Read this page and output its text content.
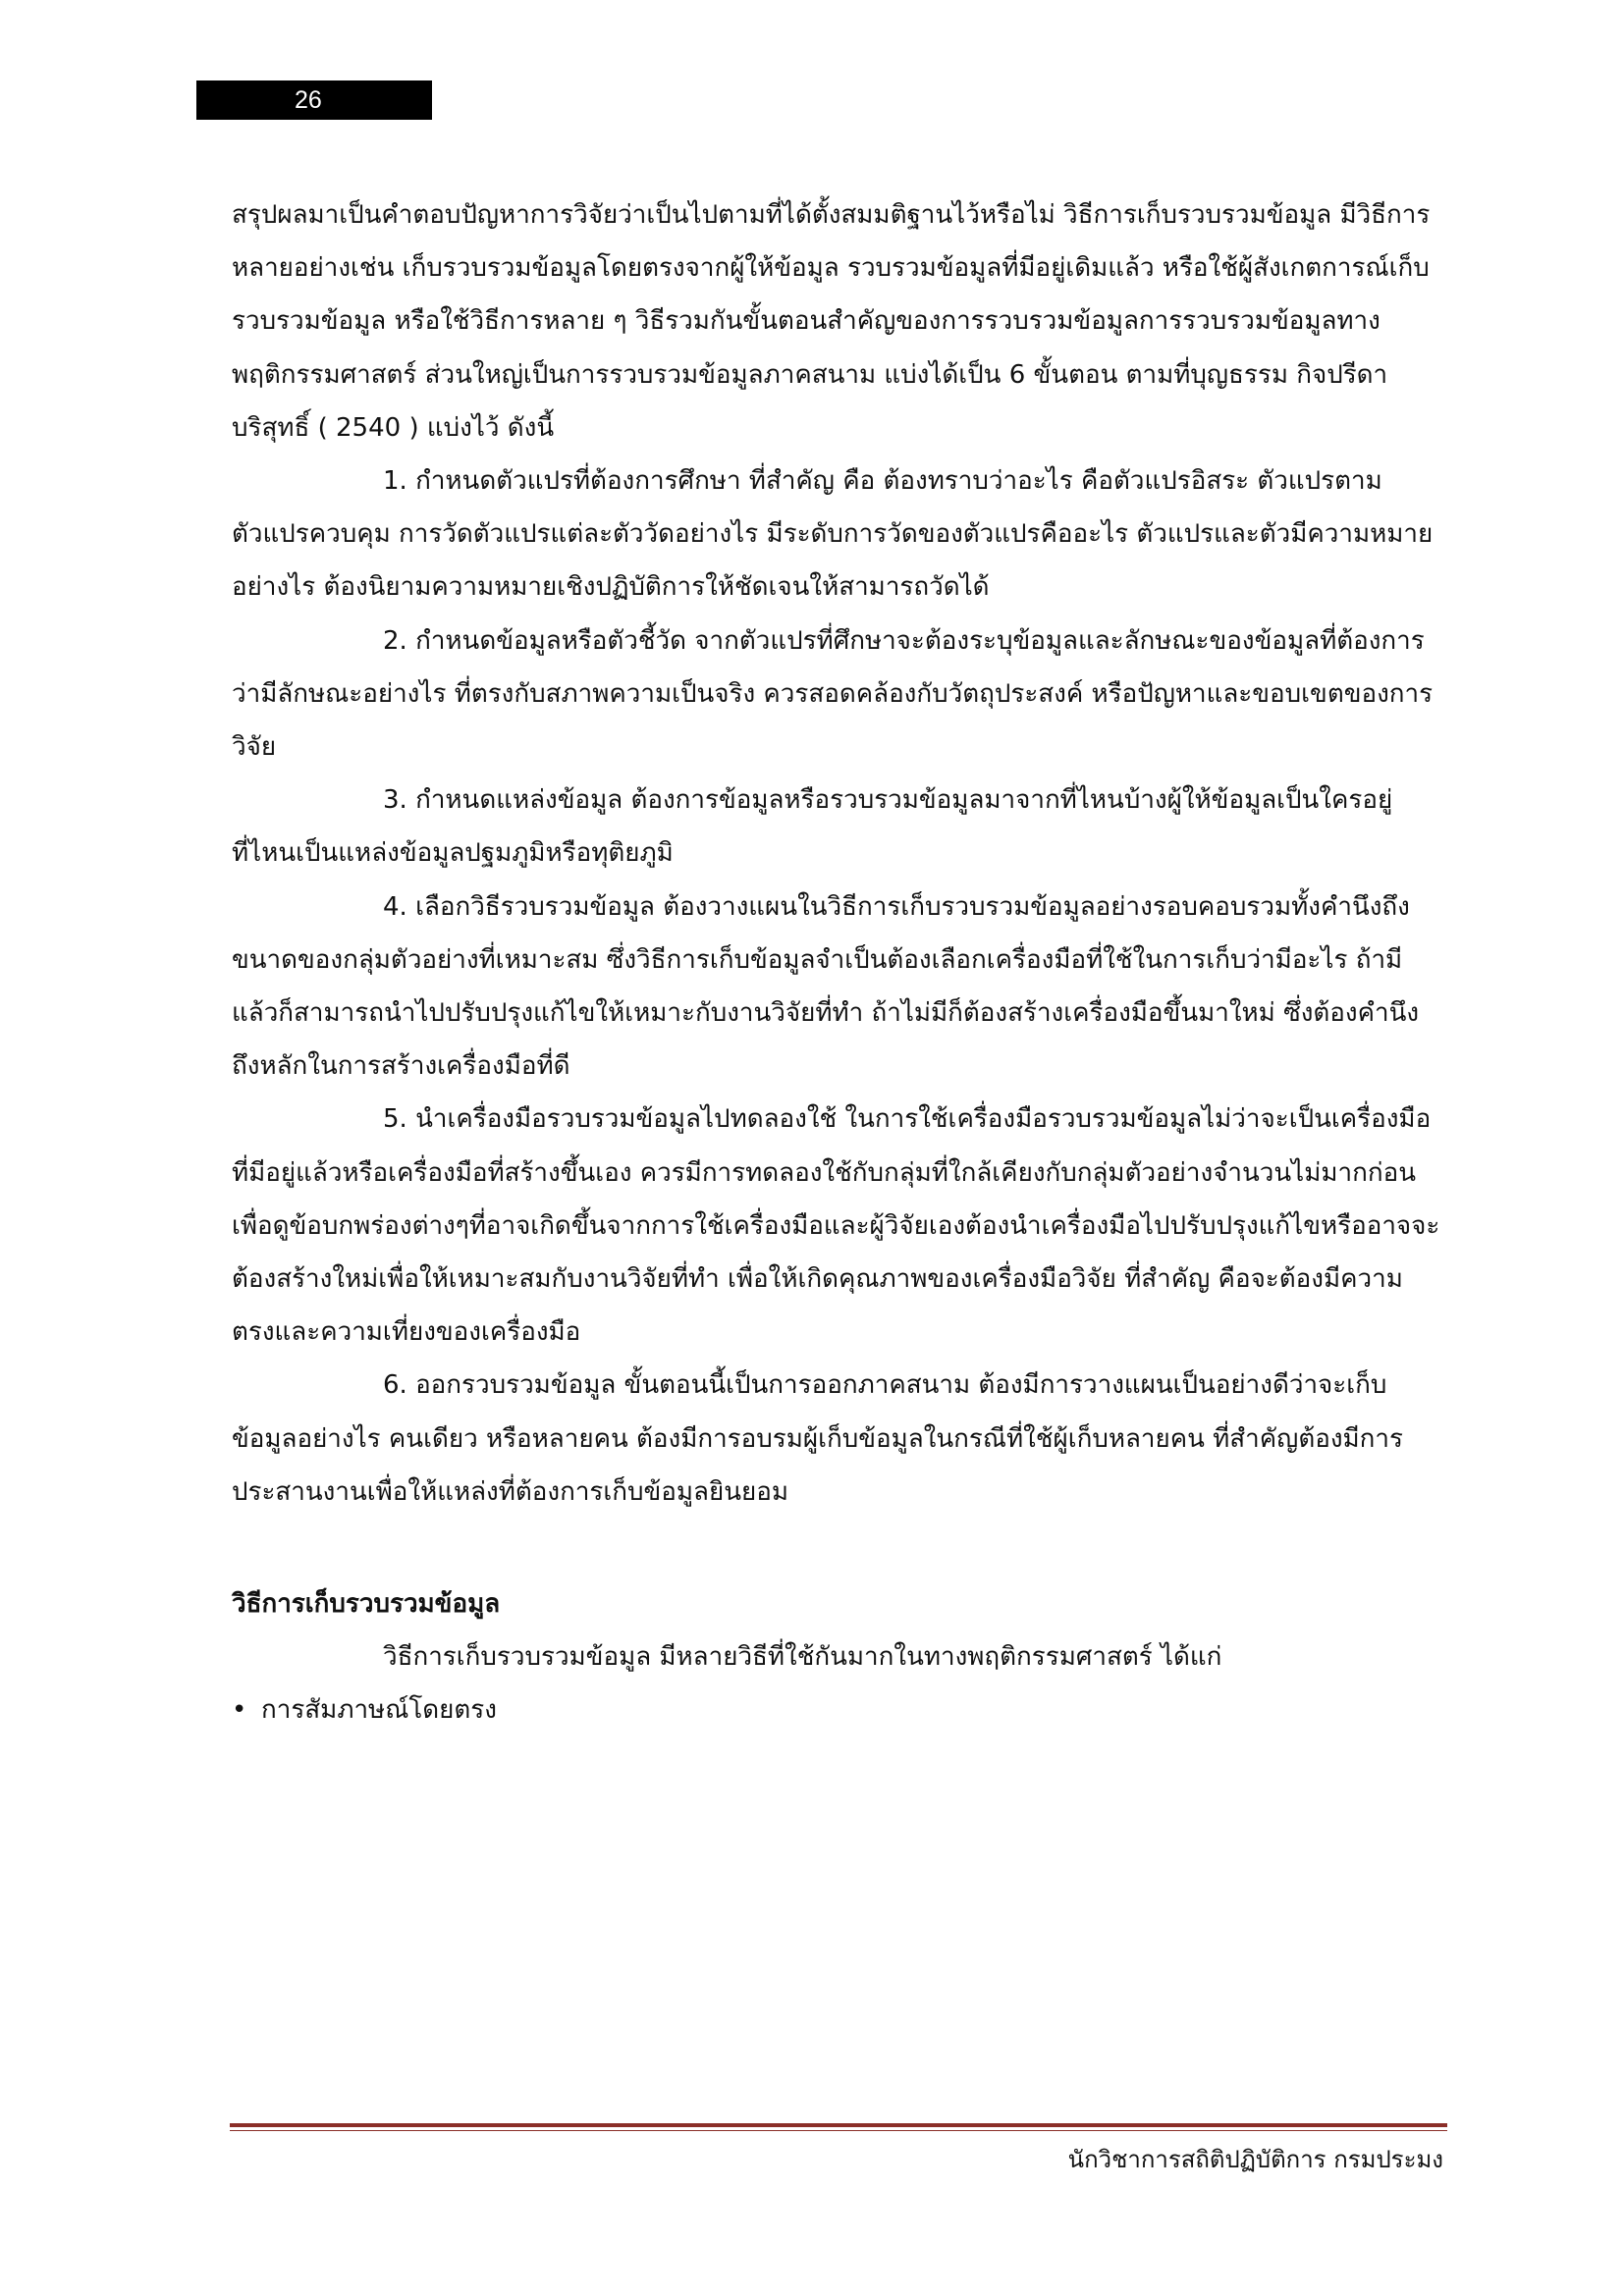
26

สรุปผลมาเป็นคำตอบปัญหาการวิจัยว่าเป็นไปตามที่ได้ตั้งสมมติฐานไว้หรือไม่ วิธีการเก็บรวบรวมข้อมูล มีวิธีการหลายอย่างเช่น เก็บรวบรวมข้อมูลโดยตรงจากผู้ให้ข้อมูล รวบรวมข้อมูลที่มีอยู่เดิมแล้ว หรือใช้ผู้สังเกตการณ์เก็บรวบรวมข้อมูล หรือใช้วิธีการหลาย ๆ วิธีรวมกันขั้นตอนสำคัญของการรวบรวมข้อมูลการรวบรวมข้อมูลทางพฤติกรรมศาสตร์ ส่วนใหญ่เป็นการรวบรวมข้อมูลภาคสนาม แบ่งได้เป็น 6 ขั้นตอน ตามที่บุญธรรม กิจปรีดาบริสุทธิ์ ( 2540 ) แบ่งไว้ ดังนี้

1. กำหนดตัวแปรที่ต้องการศึกษา ที่สำคัญ คือ ต้องทราบว่าอะไร คือตัวแปรอิสระ ตัวแปรตาม ตัวแปรควบคุม การวัดตัวแปรแต่ละตัววัดอย่างไร มีระดับการวัดของตัวแปรคืออะไร ตัวแปรและตัวมีความหมายอย่างไร ต้องนิยามความหมายเชิงปฏิบัติการให้ชัดเจนให้สามารถวัดได้

2. กำหนดข้อมูลหรือตัวชี้วัด จากตัวแปรที่ศึกษาจะต้องระบุข้อมูลและลักษณะของข้อมูลที่ต้องการว่ามีลักษณะอย่างไร ที่ตรงกับสภาพความเป็นจริง ควรสอดคล้องกับวัตถุประสงค์ หรือปัญหาและขอบเขตของการวิจัย

3. กำหนดแหล่งข้อมูล ต้องการข้อมูลหรือรวบรวมข้อมูลมาจากที่ไหนบ้างผู้ให้ข้อมูลเป็นใครอยู่ที่ไหนเป็นแหล่งข้อมูลปฐมภูมิหรือทุติยภูมิ

4. เลือกวิธีรวบรวมข้อมูล ต้องวางแผนในวิธีการเก็บรวบรวมข้อมูลอย่างรอบคอบรวมทั้งคำนึงถึงขนาดของกลุ่มตัวอย่างที่เหมาะสม ซึ่งวิธีการเก็บข้อมูลจำเป็นต้องเลือกเครื่องมือที่ใช้ในการเก็บว่ามีอะไร ถ้ามีแล้วก็สามารถนำไปปรับปรุงแก้ไขให้เหมาะกับงานวิจัยที่ทำ ถ้าไม่มีก็ต้องสร้างเครื่องมือขึ้นมาใหม่ ซึ่งต้องคำนึงถึงหลักในการสร้างเครื่องมือที่ดี

5. นำเครื่องมือรวบรวมข้อมูลไปทดลองใช้ ในการใช้เครื่องมือรวบรวมข้อมูลไม่ว่าจะเป็นเครื่องมือที่มีอยู่แล้วหรือเครื่องมือที่สร้างขึ้นเอง ควรมีการทดลองใช้กับกลุ่มที่ใกล้เคียงกับกลุ่มตัวอย่างจำนวนไม่มากก่อนเพื่อดูข้อบกพร่องต่างๆที่อาจเกิดขึ้นจากการใช้เครื่องมือและผู้วิจัยเองต้องนำเครื่องมือไปปรับปรุงแก้ไขหรืออาจจะต้องสร้างใหม่เพื่อให้เหมาะสมกับงานวิจัยที่ทำ เพื่อให้เกิดคุณภาพของเครื่องมือวิจัย ที่สำคัญ คือจะต้องมีความตรงและความเที่ยงของเครื่องมือ

6. ออกรวบรวมข้อมูล ขั้นตอนนี้เป็นการออกภาคสนาม ต้องมีการวางแผนเป็นอย่างดีว่าจะเก็บข้อมูลอย่างไร คนเดียว หรือหลายคน ต้องมีการอบรมผู้เก็บข้อมูลในกรณีที่ใช้ผู้เก็บหลายคน ที่สำคัญต้องมีการประสานงานเพื่อให้แหล่งที่ต้องการเก็บข้อมูลยินยอม

วิธีการเก็บรวบรวมข้อมูล

วิธีการเก็บรวบรวมข้อมูล มีหลายวิธีที่ใช้กันมากในทางพฤติกรรมศาสตร์ ได้แก่

• การสัมภาษณ์โดยตรง
นักวิชาการสถิติปฏิบัติการ กรมประมง
